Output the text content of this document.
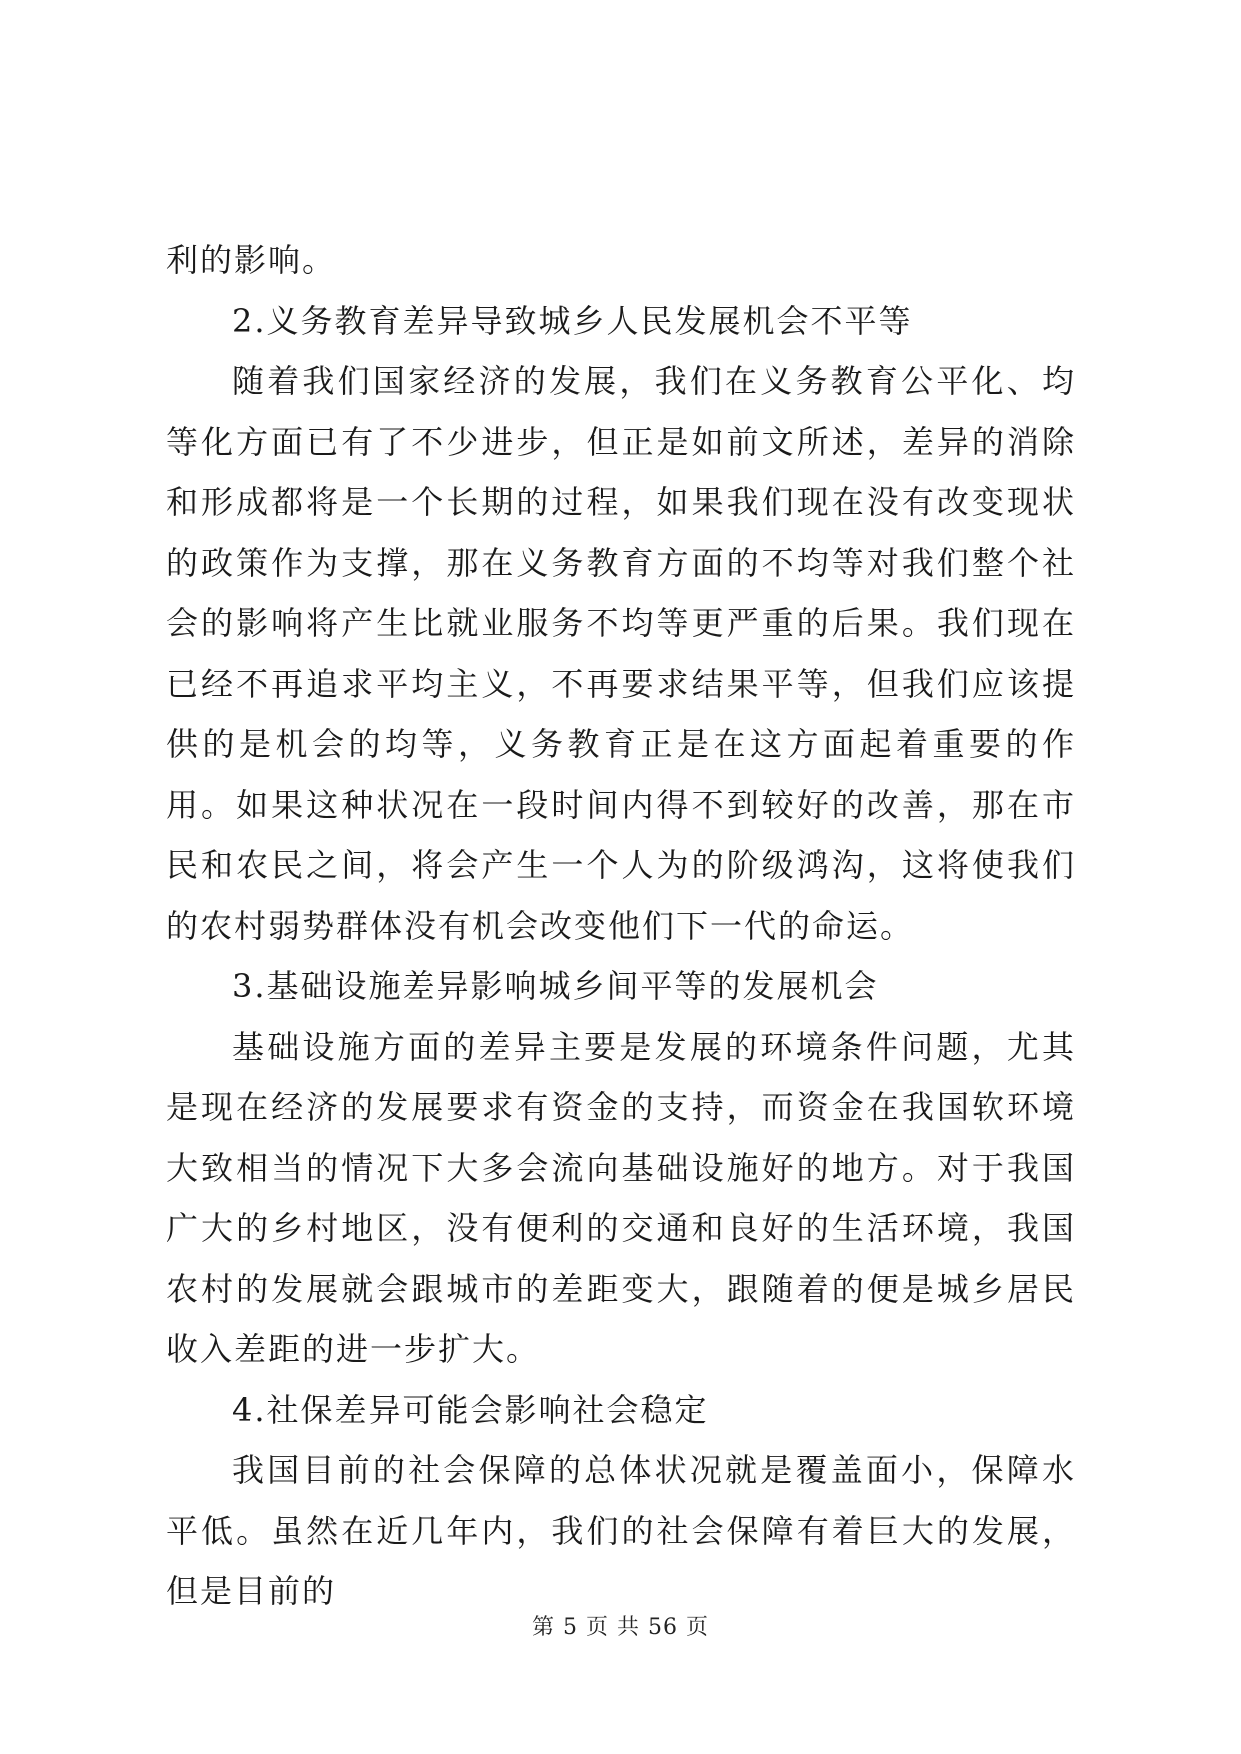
利的影响。

2.义务教育差异导致城乡人民发展机会不平等

随着我们国家经济的发展，我们在义务教育公平化、均等化方面已有了不少进步，但正是如前文所述，差异的消除和形成都将是一个长期的过程，如果我们现在没有改变现状的政策作为支撑，那在义务教育方面的不均等对我们整个社会的影响将产生比就业服务不均等更严重的后果。我们现在已经不再追求平均主义，不再要求结果平等，但我们应该提供的是机会的均等，义务教育正是在这方面起着重要的作用。如果这种状况在一段时间内得不到较好的改善，那在市民和农民之间，将会产生一个人为的阶级鸿沟，这将使我们的农村弱势群体没有机会改变他们下一代的命运。

3.基础设施差异影响城乡间平等的发展机会

基础设施方面的差异主要是发展的环境条件问题，尤其是现在经济的发展要求有资金的支持，而资金在我国软环境大致相当的情况下大多会流向基础设施好的地方。对于我国广大的乡村地区，没有便利的交通和良好的生活环境，我国农村的发展就会跟城市的差距变大，跟随着的便是城乡居民收入差距的进一步扩大。

4.社保差异可能会影响社会稳定

我国目前的社会保障的总体状况就是覆盖面小，保障水平低。虽然在近几年内，我们的社会保障有着巨大的发展，但是目前的

第 5 页 共 56 页
